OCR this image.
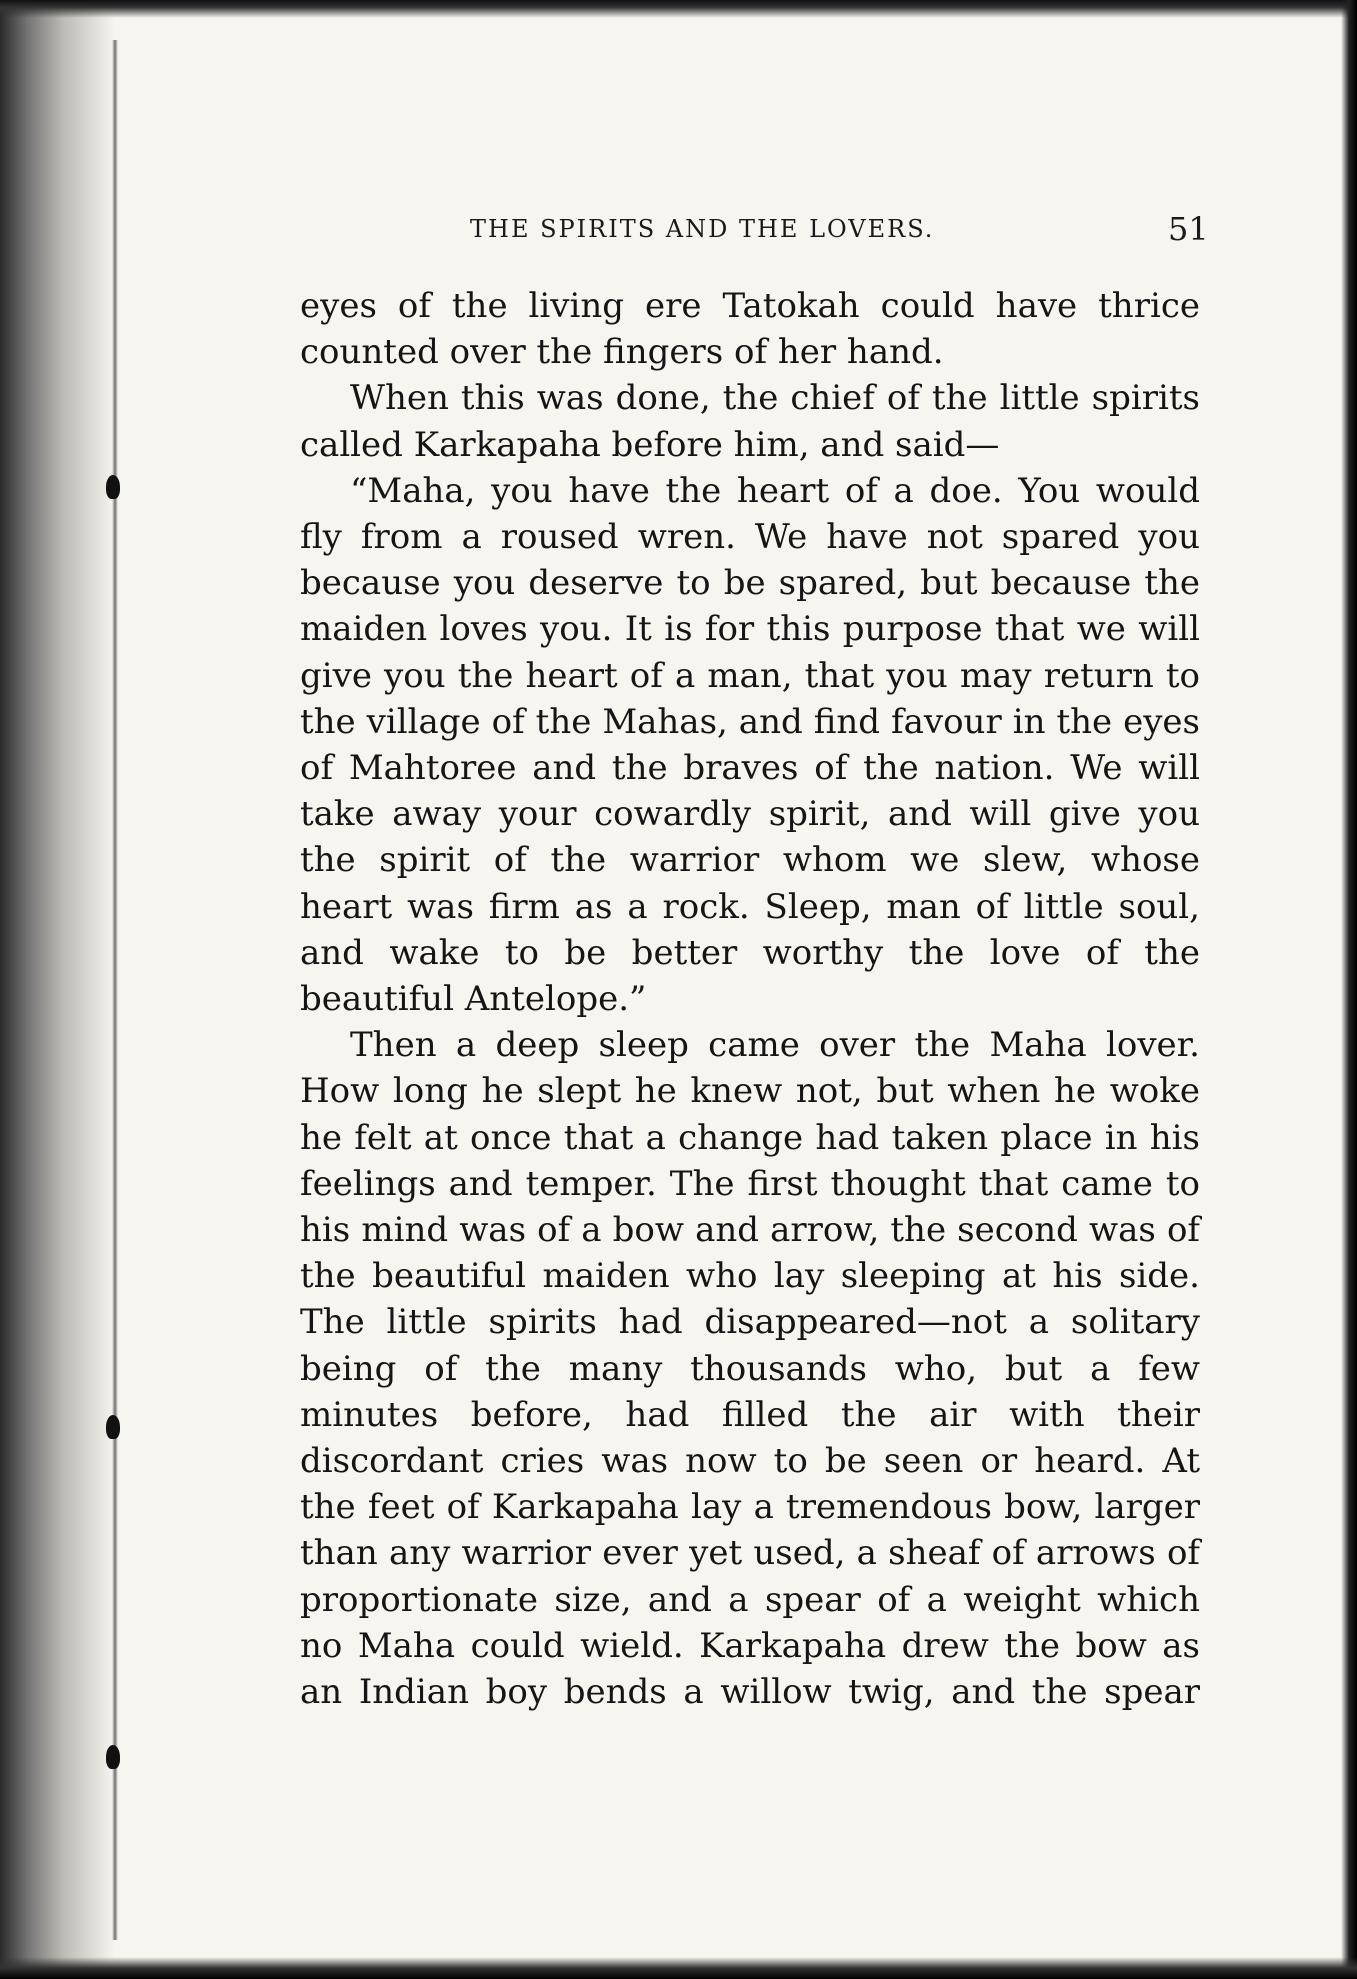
THE SPIRITS AND THE LOVERS.	51

eyes of the living ere Tatokah could have thrice counted over the fingers of her hand.

When this was done, the chief of the little spirits called Karkapaha before him, and said—

“Maha, you have the heart of a doe. You would fly from a roused wren. We have not spared you because you deserve to be spared, but because the maiden loves you. It is for this purpose that we will give you the heart of a man, that you may return to the village of the Mahas, and find favour in the eyes of Mahtoree and the braves of the nation. We will take away your cowardly spirit, and will give you the spirit of the warrior whom we slew, whose heart was firm as a rock. Sleep, man of little soul, and wake to be better worthy the love of the beautiful Antelope.”

Then a deep sleep came over the Maha lover. How long he slept he knew not, but when he woke he felt at once that a change had taken place in his feelings and temper. The first thought that came to his mind was of a bow and arrow, the second was of the beautiful maiden who lay sleeping at his side. The little spirits had disappeared—not a solitary being of the many thousands who, but a few minutes before, had filled the air with their discordant cries was now to be seen or heard. At the feet of Karkapaha lay a tremendous bow, larger than any warrior ever yet used, a sheaf of arrows of proportionate size, and a spear of a weight which no Maha could wield. Karkapaha drew the bow as an Indian boy bends a willow twig, and the spear
